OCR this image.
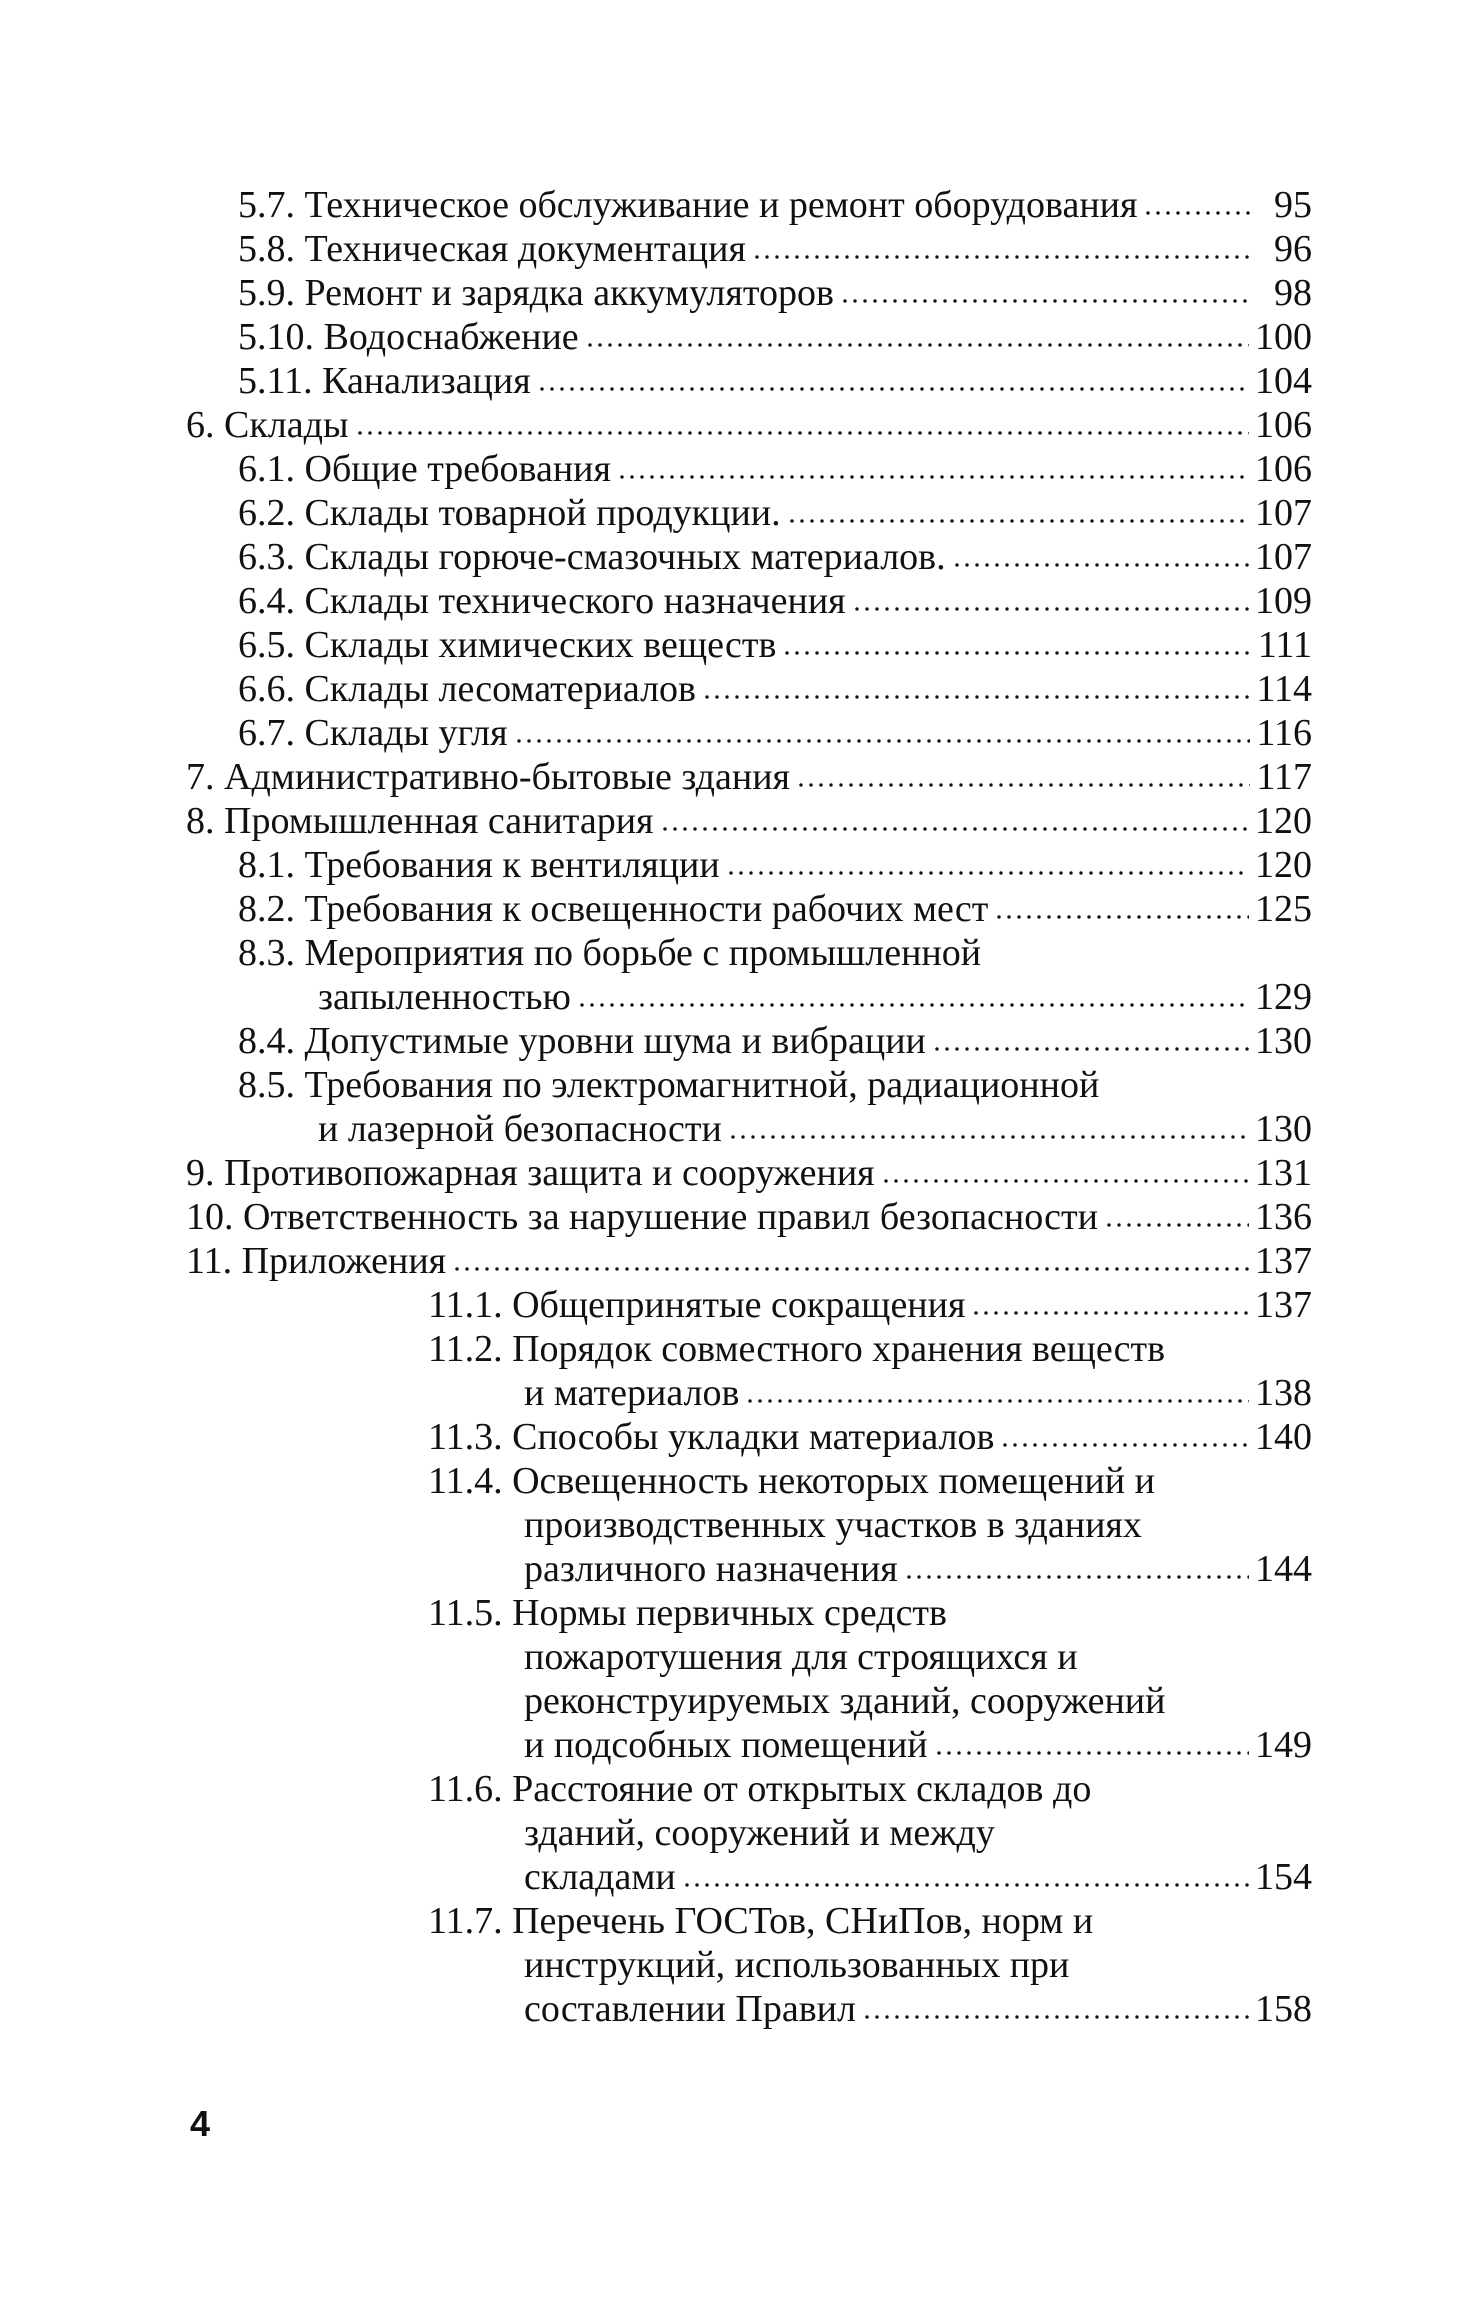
5.7. Техническое обслуживание и ремонт оборудования	95
5.8. Техническая документация	96
5.9. Ремонт и зарядка аккумуляторов	98
5.10. Водоснабжение	100
5.11. Канализация	104
6. Склады	106
6.1. Общие требования	106
6.2. Склады товарной продукции.	107
6.3. Склады горюче-смазочных материалов.	107
6.4. Склады технического назначения	109
6.5. Склады химических веществ	111
6.6. Склады лесоматериалов	114
6.7. Склады угля	116
7. Административно-бытовые здания	117
8. Промышленная санитария	120
8.1. Требования к вентиляции	120
8.2. Требования к освещенности рабочих мест	125
8.3. Мероприятия по борьбе с промышленной
запыленностью	129
8.4. Допустимые уровни шума и вибрации	130
8.5. Требования по электромагнитной, радиационной
и лазерной безопасности	130
9. Противопожарная защита и сооружения	131
10. Ответственность за нарушение правил безопасности	136
11. Приложения	137
11.1. Общепринятые сокращения	137
11.2. Порядок совместного хранения веществ
и материалов	138
11.3. Способы укладки материалов	140
11.4. Освещенность некоторых помещений и
производственных участков в зданиях
различного назначения	144
11.5. Нормы первичных средств
пожаротушения для строящихся и
реконструируемых зданий, сооружений
и подсобных помещений	149
11.6. Расстояние от открытых складов до
зданий, сооружений и между
складами	154
11.7. Перечень ГОСТов, СНиПов, норм и
инструкций, использованных при
составлении Правил	158
4
